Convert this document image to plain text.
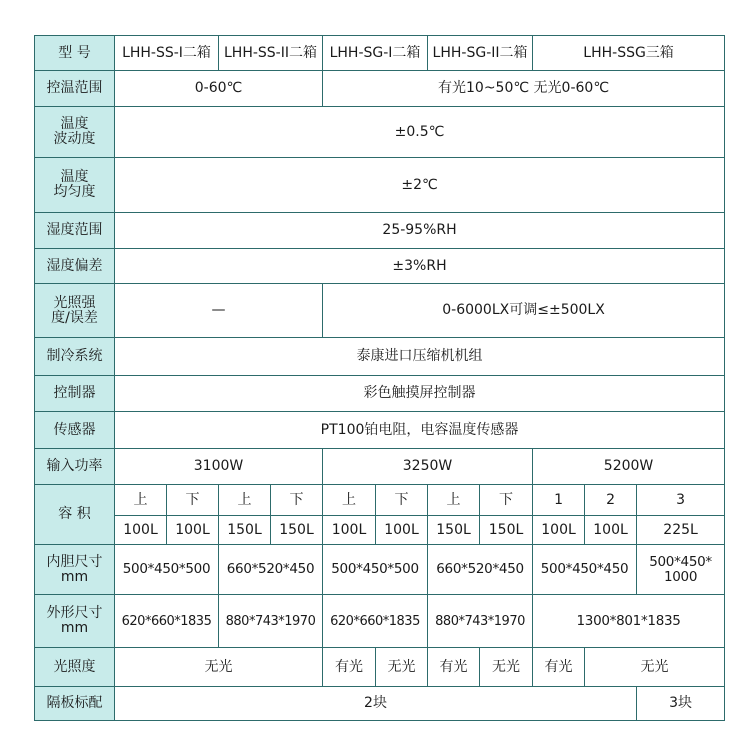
型 号	LHH-SS-I二箱		LHH-SS-II二箱		LHH-SG-I二箱		LHH-SG-II二箱		LHH-SSG三箱		
控温范围	0-60℃				有光10~50℃ 无光0-60℃						
温度
波动度	±0.5℃										
温度
均匀度	±2℃										
湿度范围	25-95%RH										
湿度偏差	±3%RH										
光照强
度/误差	—				0-6000LX可调≤±500LX						
制冷系统	泰康进口压缩机机组										
控制器	彩色触摸屏控制器										
传感器	PT100铂电阻，电容温度传感器										
输入功率	3100W				3250W				5200W		
容 积	上	下	上	下	上	下	上	下	1	2	3
	100L	100L	150L	150L	100L	100L	150L	150L	100L	100L	225L
内胆尺寸
mm	500*450*500		660*520*450		500*450*500		660*520*450		500*450*450		500*450*
1000
外形尺寸
mm	620*660*1835		880*743*1970		620*660*1835		880*743*1970		1300*801*1835		
光照度	无光				有光	无光	有光	无光	有光	无光	
隔板标配	2块										3块
